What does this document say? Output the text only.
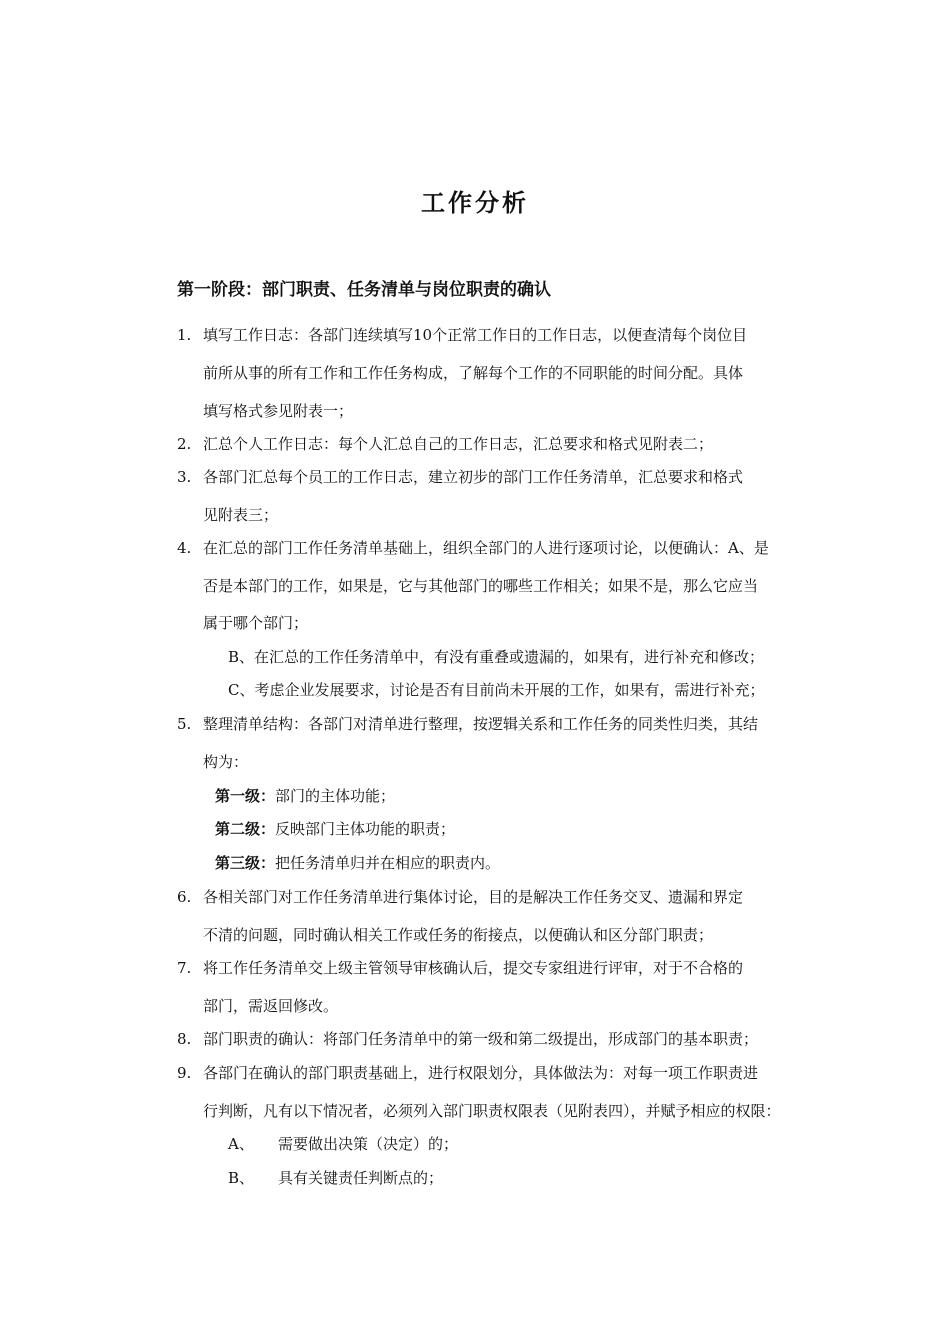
工作分析
第一阶段：部门职责、任务清单与岗位职责的确认
1. 填写工作日志：各部门连续填写10个正常工作日的工作日志，以便查清每个岗位目
前所从事的所有工作和工作任务构成，了解每个工作的不同职能的时间分配。具体
填写格式参见附表一；
2. 汇总个人工作日志：每个人汇总自己的工作日志，汇总要求和格式见附表二；
3. 各部门汇总每个员工的工作日志，建立初步的部门工作任务清单，汇总要求和格式
见附表三；
4. 在汇总的部门工作任务清单基础上，组织全部门的人进行逐项讨论，以便确认：A、是
否是本部门的工作，如果是，它与其他部门的哪些工作相关；如果不是，那么它应当
属于哪个部门；
B、在汇总的工作任务清单中，有没有重叠或遗漏的，如果有，进行补充和修改；
C、考虑企业发展要求，讨论是否有目前尚未开展的工作，如果有，需进行补充；
5. 整理清单结构：各部门对清单进行整理，按逻辑关系和工作任务的同类性归类，其结
构为：
第一级：部门的主体功能；
第二级：反映部门主体功能的职责；
第三级：把任务清单归并在相应的职责内。
6. 各相关部门对工作任务清单进行集体讨论，目的是解决工作任务交叉、遗漏和界定
不清的问题，同时确认相关工作或任务的衔接点，以便确认和区分部门职责；
7. 将工作任务清单交上级主管领导审核确认后，提交专家组进行评审，对于不合格的
部门，需返回修改。
8. 部门职责的确认：将部门任务清单中的第一级和第二级提出，形成部门的基本职责；
9. 各部门在确认的部门职责基础上，进行权限划分，具体做法为：对每一项工作职责进
行判断，凡有以下情况者，必须列入部门职责权限表（见附表四），并赋予相应的权限：
A、 需要做出决策（决定）的；
B、 具有关键责任判断点的；
